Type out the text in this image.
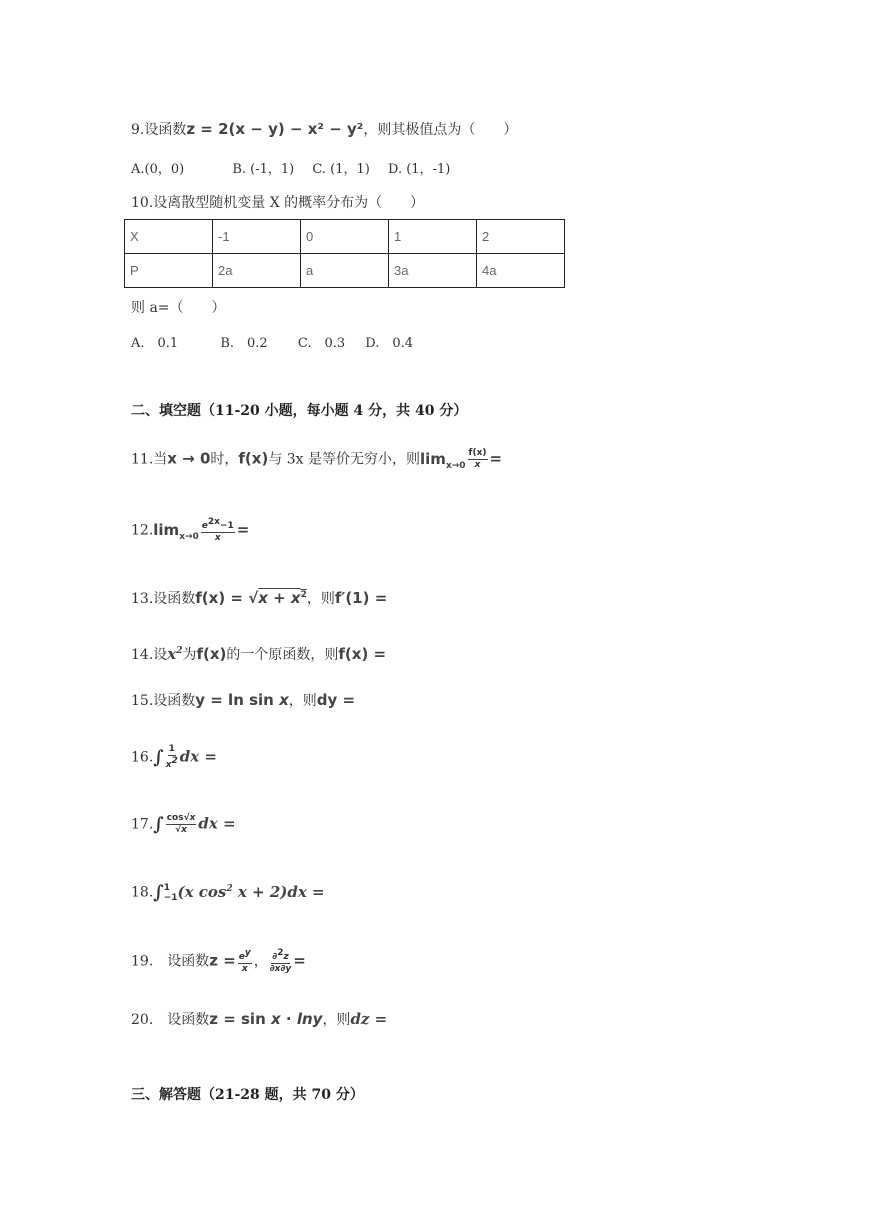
9.设函数z = 2(x − y) − x² − y²，则其极值点为（　　）
A.(0，0)	B. (-1，1) C. (1，1) D. (1，-1)
10.设离散型随机变量 X 的概率分布为（　　）
X	-1	0	1	2
P	2a	a	3a	4a
则 a=（　　）
A.　0.1	B.　0.2 C.　0.3 D.　0.4
二、填空题（11-20 小题，每小题 4 分，共 40 分）
11.当x → 0时，f(x)与 3x 是等价无穷小，则$\lim_{x\to 0} \frac{f(x)}{x}$ =
$12.\lim_{x\to 0} \frac{e^{2x}-1}{x}$ =
13.设函数$f(x) = √x + x^2$，则f′(1) =
14.设$x^2$为f(x)的一个原函数，则f(x) =
15.设函数y = ln sin x，则dy =
$16.\int \frac{1}{x^2}$ dx =
$17.\int \frac{\cos√x}{√x}$ dx =
18.∫ 1
−1 (x $\cos^2 x + 2)dx$ =
19.　设函数$z = \frac{e^y}{x}$ ， $\frac{\partial^2z}{\partial x\partial y}$ =
20.　设函数z = sin x · lny，则dz =
三、解答题（21-28 题，共 70 分）
